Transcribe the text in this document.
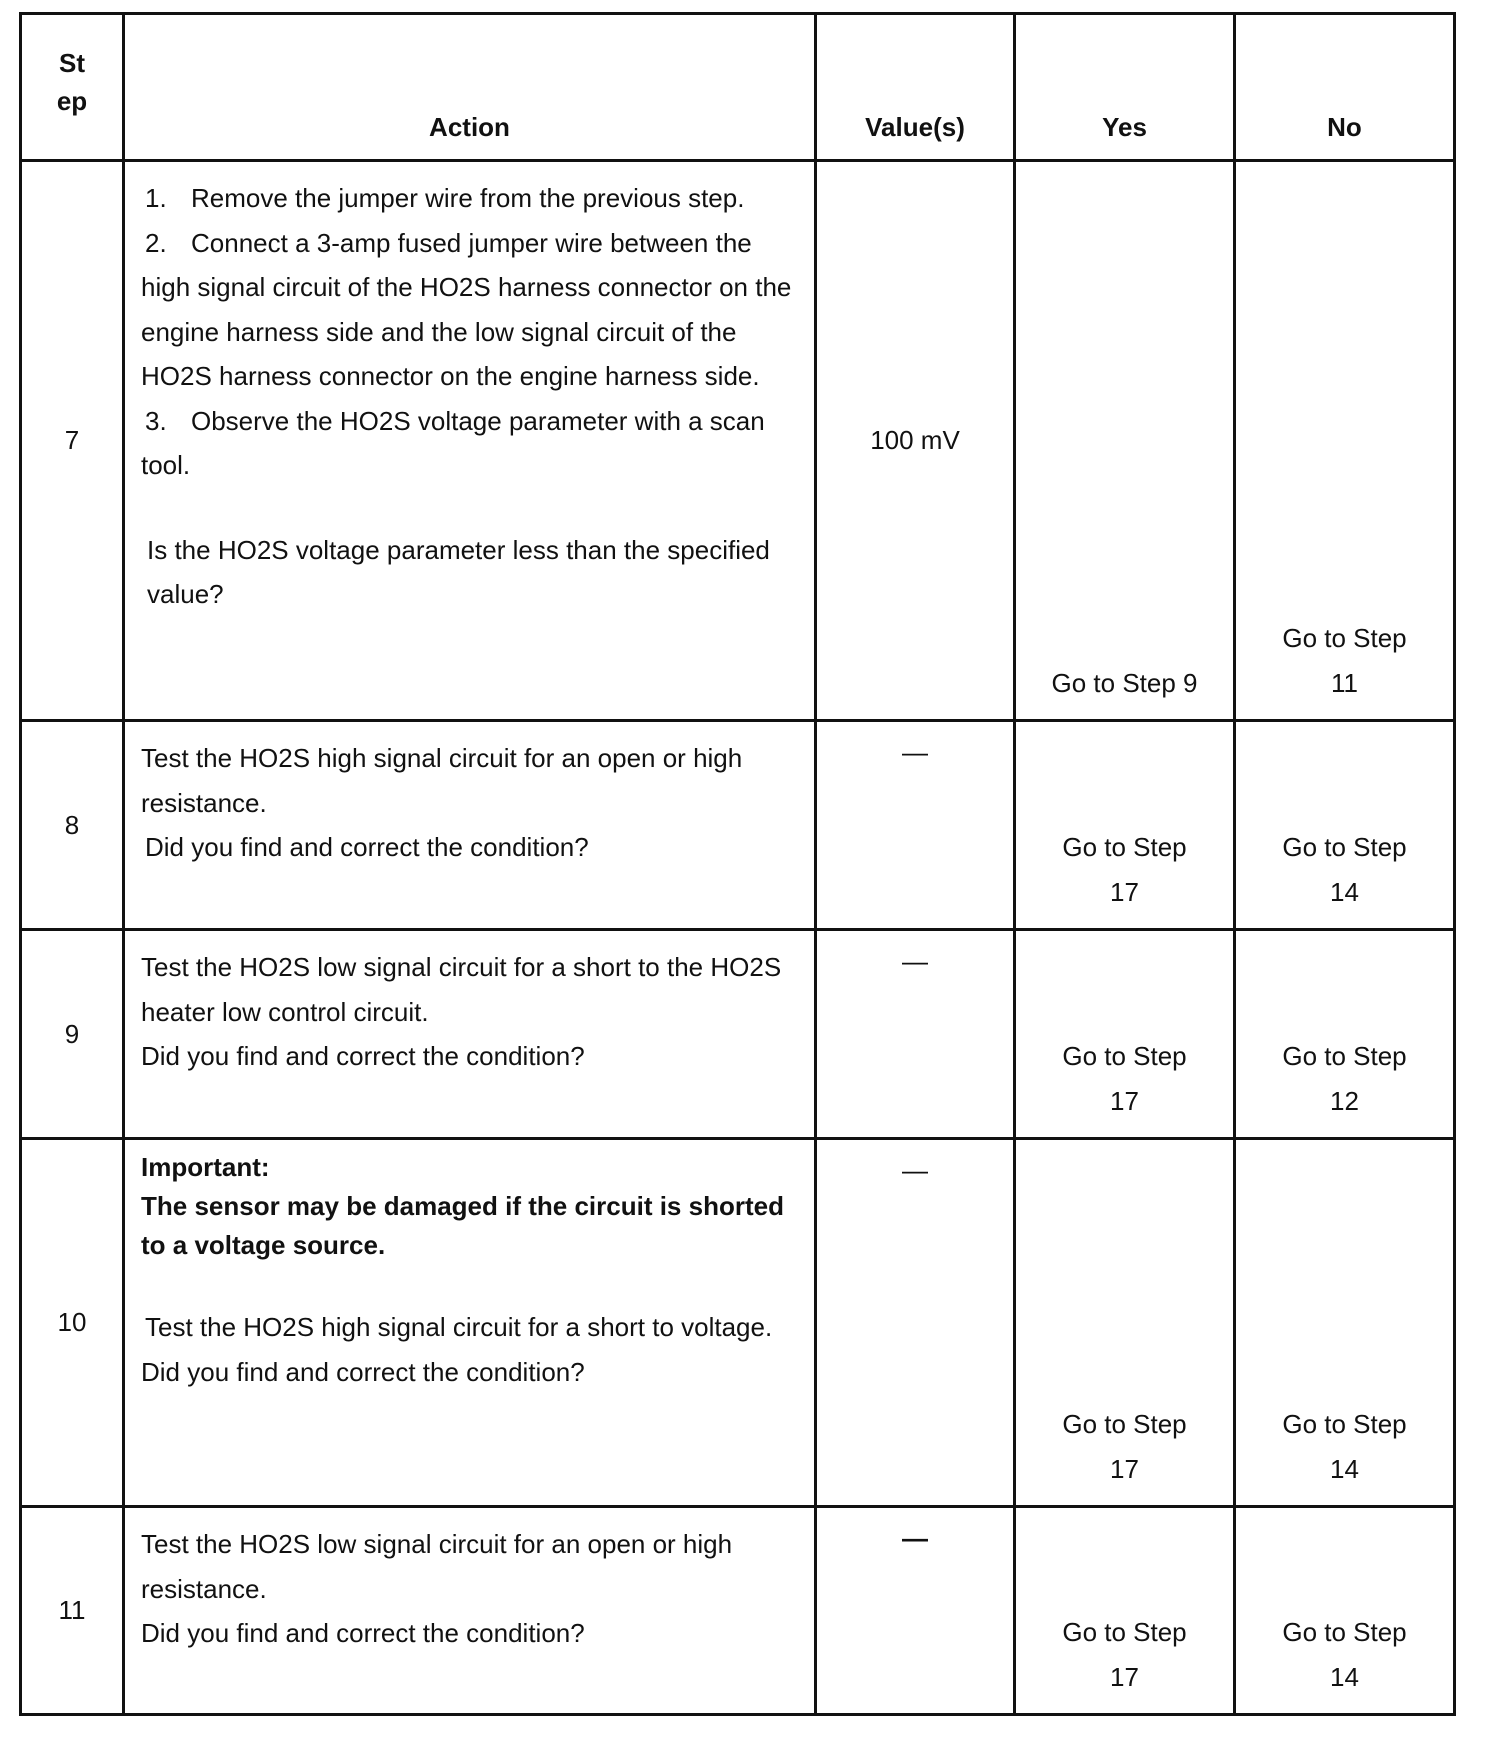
St
ep	Action	Value(s)	Yes	No
7	1. Remove the jumper wire from the previous step.

2. Connect a 3-amp fused jumper wire between the high signal circuit of the HO2S harness connector on the engine harness side and the low signal circuit of the HO2S harness connector on the engine harness side.

3. Observe the HO2S voltage parameter with a scan tool.

Is the HO2S voltage parameter less than the specified value?	100 mV	Go to Step 9	Go to Step 11
8	Test the HO2S high signal circuit for an open or high resistance.

Did you find and correct the condition?	—	Go to Step 17	Go to Step 14
9	Test the HO2S low signal circuit for a short to the HO2S heater low control circuit.

Did you find and correct the condition?	—	Go to Step 17	Go to Step 12
10	Important:

The sensor may be damaged if the circuit is shorted to a voltage source.

Test the HO2S high signal circuit for a short to voltage.

Did you find and correct the condition?	—	Go to Step 17	Go to Step 14
11	Test the HO2S low signal circuit for an open or high resistance.

Did you find and correct the condition?	—	Go to Step 17	Go to Step 14
